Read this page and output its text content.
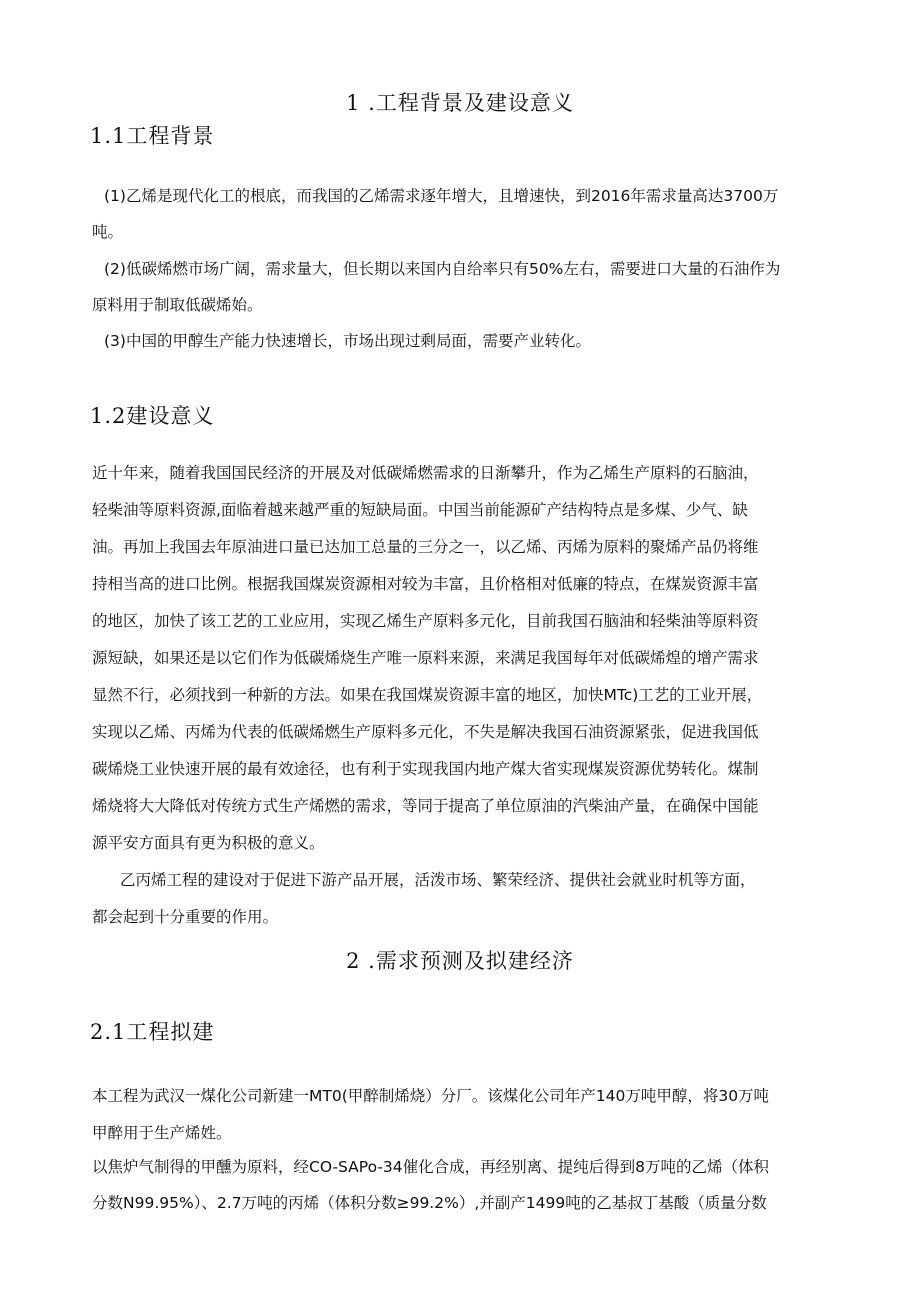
1 .工程背景及建设意义
1.1工程背景
(1)乙烯是现代化工的根底，而我国的乙烯需求逐年增大，且增速快，到2016年需求量高达3700万
吨。
(2)低碳烯燃市场广阔，需求量大，但长期以来国内自给率只有50%左右，需要进口大量的石油作为
原料用于制取低碳烯始。
(3)中国的甲醇生产能力快速增长，市场出现过剩局面，需要产业转化。
1.2建设意义
近十年来，随着我国国民经济的开展及对低碳烯燃需求的日渐攀升，作为乙烯生产原料的石脑油，
轻柴油等原料资源,面临着越来越严重的短缺局面。中国当前能源矿产结构特点是多煤、少气、缺
油。再加上我国去年原油进口量已达加工总量的三分之一，以乙烯、丙烯为原料的聚烯产品仍将维
持相当高的进口比例。根据我国煤炭资源相对较为丰富，且价格相对低廉的特点，在煤炭资源丰富
的地区，加快了该工艺的工业应用，实现乙烯生产原料多元化，目前我国石脑油和轻柴油等原料资
源短缺，如果还是以它们作为低碳烯烧生产唯一原料来源，来满足我国每年对低碳烯煌的增产需求
显然不行，必须找到一种新的方法。如果在我国煤炭资源丰富的地区，加快MTc)工艺的工业开展，
实现以乙烯、丙烯为代表的低碳烯燃生产原料多元化，不失是解决我国石油资源紧张，促进我国低
碳烯烧工业快速开展的最有效途径，也有利于实现我国内地产煤大省实现煤炭资源优势转化。煤制
烯烧将大大降低对传统方式生产烯燃的需求，等同于提高了单位原油的汽柴油产量，在确保中国能
源平安方面具有更为积极的意义。
乙丙烯工程的建设对于促进下游产品开展，活泼市场、繁荣经济、提供社会就业时机等方面，
都会起到十分重要的作用。
2 .需求预测及拟建经济
2.1工程拟建
本工程为武汉一煤化公司新建一MT0(甲醉制烯烧）分厂。该煤化公司年产140万吨甲醇，将30万吨
甲醉用于生产烯姓。
以焦炉气制得的甲醺为原料，经CO-SAPo-34催化合成，再经别离、提纯后得到8万吨的乙烯（体积
分数N99.95%）、2.7万吨的丙烯（体积分数≥99.2%）,并副产1499吨的乙基叔丁基酸（质量分数
